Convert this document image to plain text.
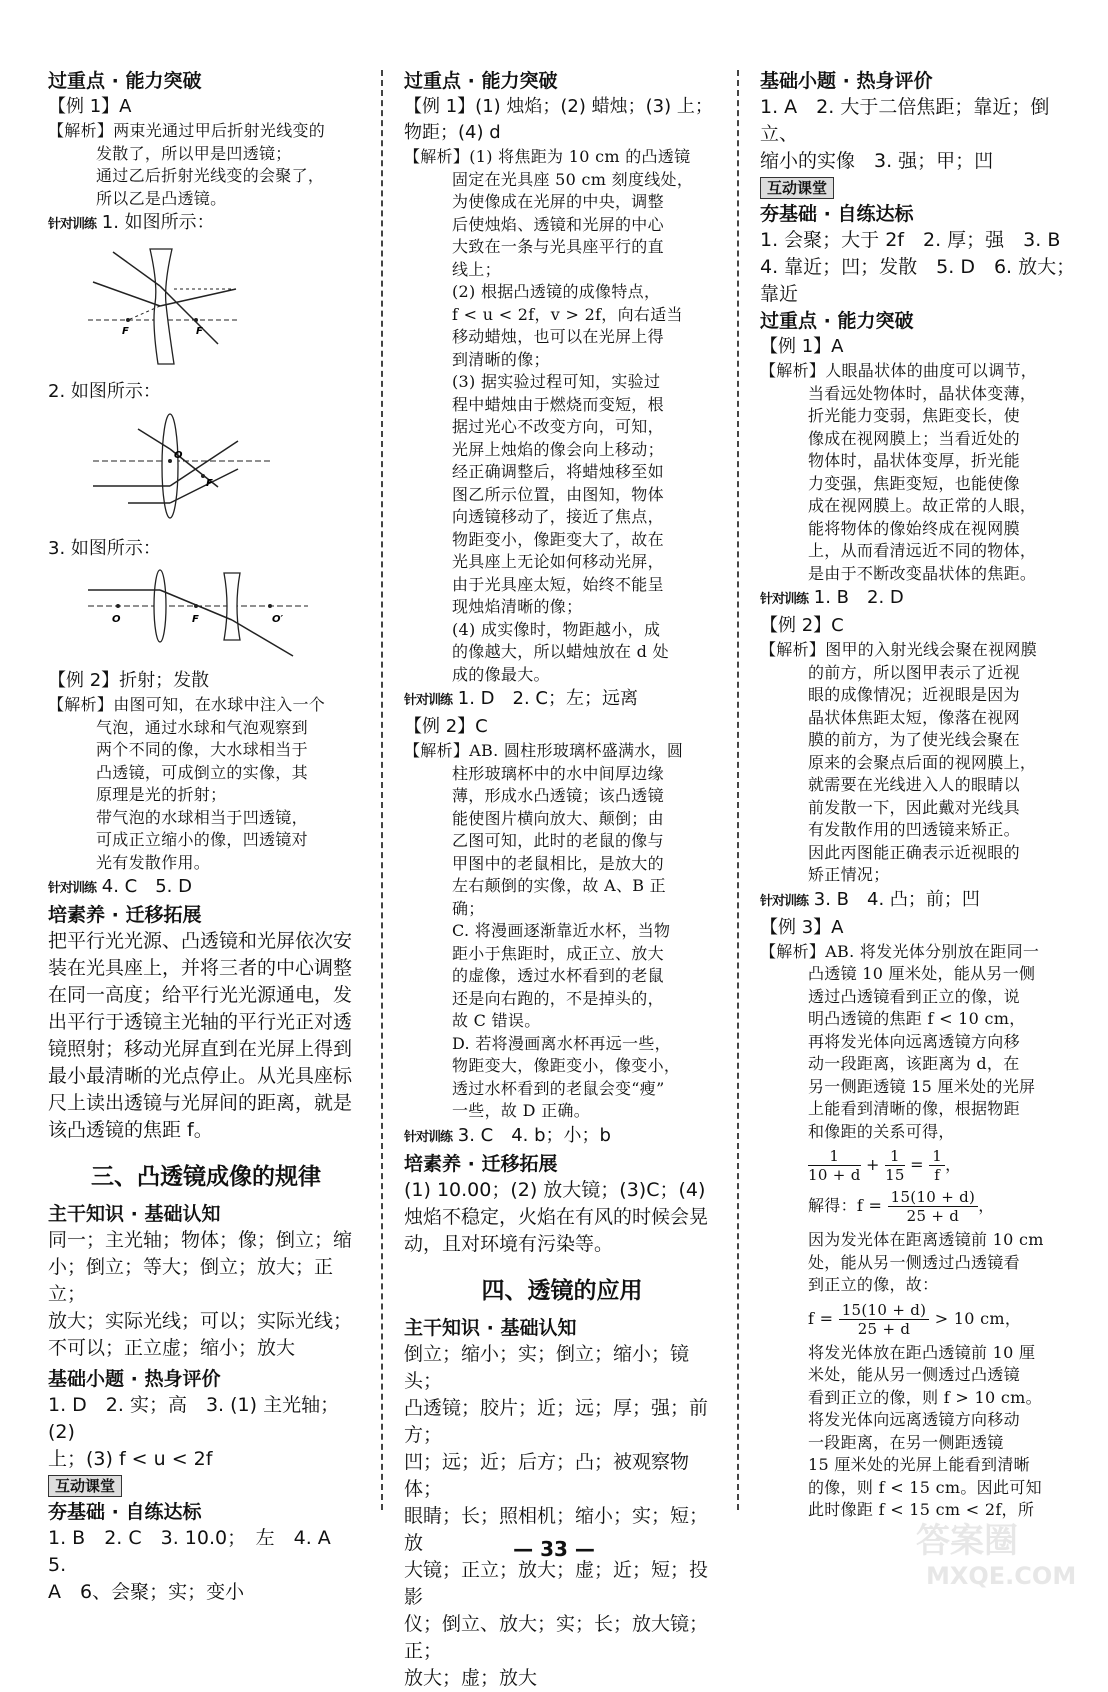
过重点 · 能力突破
【例 1】A
【解析】两束光通过甲后折射光线变的
发散了，所以甲是凹透镜；
通过乙后折射光线变的会聚了，
所以乙是凸透镜。
针对训练 1. 如图所示：
F	F
2. 如图所示：
O
F
3. 如图所示：
O	F	O′
【例 2】折射；发散
【解析】由图可知，在水球中注入一个
气泡，通过水球和气泡观察到
两个不同的像，大水球相当于
凸透镜，可成倒立的实像，其
原理是光的折射；
带气泡的水球相当于凹透镜，
可成正立缩小的像，凹透镜对
光有发散作用。
针对训练 4. C　5. D
培素养 · 迁移拓展
把平行光光源、凸透镜和光屏依次安
装在光具座上，并将三者的中心调整
在同一高度；给平行光光源通电，发
出平行于透镜主光轴的平行光正对透
镜照射；移动光屏直到在光屏上得到
最小最清晰的光点停止。从光具座标
尺上读出透镜与光屏间的距离，就是
该凸透镜的焦距 f。
三、凸透镜成像的规律
主干知识 · 基础认知
同一；主光轴；物体；像；倒立；缩
小；倒立；等大；倒立；放大；正立；
放大；实际光线；可以；实际光线；
不可以；正立虚；缩小；放大
基础小题 · 热身评价
1. D　2. 实；高　3. (1) 主光轴；(2)
上；(3) f < u < 2f
互动课堂
夯基础 · 自练达标
1. B　2. C　3. 10.0；　左　4. A　5.
A　6、会聚；实；变小
过重点 · 能力突破
【例 1】(1) 烛焰；(2) 蜡烛；(3) 上；
物距；(4) d
【解析】(1) 将焦距为 10 cm 的凸透镜
固定在光具座 50 cm 刻度线处，
为使像成在光屏的中央，调整
后使烛焰、透镜和光屏的中心
大致在一条与光具座平行的直
线上；
(2) 根据凸透镜的成像特点，
f < u < 2f，v > 2f，向右适当
移动蜡烛，也可以在光屏上得
到清晰的像；
(3) 据实验过程可知，实验过
程中蜡烛由于燃烧而变短，根
据过光心不改变方向，可知，
光屏上烛焰的像会向上移动；
经正确调整后，将蜡烛移至如
图乙所示位置，由图知，物体
向透镜移动了，接近了焦点，
物距变小，像距变大了，故在
光具座上无论如何移动光屏，
由于光具座太短，始终不能呈
现烛焰清晰的像；
(4) 成实像时，物距越小，成
的像越大，所以蜡烛放在 d 处
成的像最大。
针对训练 1. D　2. C；左；远离
【例 2】C
【解析】AB. 圆柱形玻璃杯盛满水，圆
柱形玻璃杯中的水中间厚边缘
薄，形成水凸透镜；该凸透镜
能使图片横向放大、颠倒；由
乙图可知，此时的老鼠的像与
甲图中的老鼠相比，是放大的
左右颠倒的实像，故 A、B 正
确；
C. 将漫画逐渐靠近水杯，当物
距小于焦距时，成正立、放大
的虚像，透过水杯看到的老鼠
还是向右跑的，不是掉头的，
故 C 错误。
D. 若将漫画离水杯再远一些，
物距变大，像距变小，像变小，
透过水杯看到的老鼠会变“瘦”
一些，故 D 正确。
针对训练 3. C　4. b；小；b
培素养 · 迁移拓展
(1) 10.00；(2) 放大镜；(3)C；(4)
烛焰不稳定，火焰在有风的时候会晃
动，且对环境有污染等。
四、透镜的应用
主干知识 · 基础认知
倒立；缩小；实；倒立；缩小；镜头；
凸透镜；胶片；近；远；厚；强；前方；
凹；远；近；后方；凸；被观察物体；
眼睛；长；照相机；缩小；实；短；放
大镜；正立；放大；虚；近；短；投影
仪；倒立、放大；实；长；放大镜；正；
放大；虚；放大
基础小题 · 热身评价
1. A　2. 大于二倍焦距；靠近；倒立、
缩小的实像　3. 强；甲；凹
互动课堂
夯基础 · 自练达标
1. 会聚；大于 2f　2. 厚；强　3. B
4. 靠近；凹；发散　5. D　6. 放大；
靠近
过重点 · 能力突破
【例 1】A
【解析】人眼晶状体的曲度可以调节，
当看远处物体时，晶状体变薄，
折光能力变弱，焦距变长，使
像成在视网膜上；当看近处的
物体时，晶状体变厚，折光能
力变强，焦距变短，也能使像
成在视网膜上。故正常的人眼，
能将物体的像始终成在视网膜
上，从而看清远近不同的物体，
是由于不断改变晶状体的焦距。
针对训练 1. B　2. D
【例 2】C
【解析】图甲的入射光线会聚在视网膜
的前方，所以图甲表示了近视
眼的成像情况；近视眼是因为
晶状体焦距太短，像落在视网
膜的前方，为了使光线会聚在
原来的会聚点后面的视网膜上，
就需要在光线进入人的眼睛以
前发散一下，因此戴对光线具
有发散作用的凹透镜来矫正。
因此丙图能正确表示近视眼的
矫正情况；
针对训练 3. B　4. 凸；前；凹
【例 3】A
【解析】AB. 将发光体分别放在距同一
凸透镜 10 厘米处，能从另一侧
透过凸透镜看到正立的像，说
明凸透镜的焦距 f < 10 cm，
再将发光体向远离透镜方向移
动一段距离，该距离为 d，在
另一侧距透镜 15 厘米处的光屏
上能看到清晰的像，根据物距
和像距的关系可得，
$\frac{1}{10 + d} + \frac{1}{15} = \frac{1}{f}$ ，
解得：$f = \frac{15(10 + d)}{25 + d}$ ，
因为发光体在距离透镜前 10 cm
处，能从另一侧透过凸透镜看
到正立的像，故：
$f = \frac{15(10 + d)}{25 + d} > 10$ cm，
将发光体放在距凸透镜前 10 厘
米处，能从另一侧透过凸透镜
看到正立的像，则 f > 10 cm。
将发光体向远离透镜方向移动
一段距离，在另一侧距透镜
15 厘米处的光屏上能看到清晰
的像，则 f < 15 cm。因此可知
此时像距 f < 15 cm < 2f，所
— 33 —	答案圈
MXQE.COM
